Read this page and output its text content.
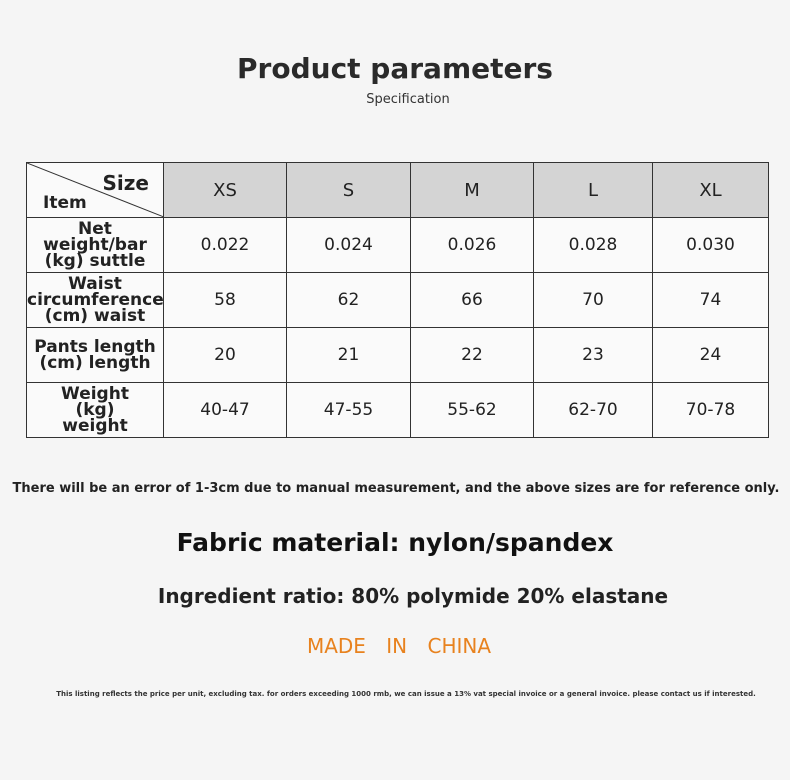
Product parameters
Specification
Size
Item	XS	S	M	L	XL

Net
weight/bar
(kg) suttle	0.022	0.024	0.026	0.028	0.030

Waist
circumference
(cm) waist	58	62	66	70	74

Pants length
(cm) length	20	21	22	23	24

Weight
(kg)
weight	40-47	47-55	55-62	62-70	70-78
There will be an error of 1-3cm due to manual measurement, and the above sizes are for reference only.
Fabric material: nylon/spandex
Ingredient ratio: 80% polymide 20% elastane
MADE IN CHINA
This listing reflects the price per unit, excluding tax. for orders exceeding 1000 rmb, we can issue a 13% vat special invoice or a general invoice. please contact us if interested.
